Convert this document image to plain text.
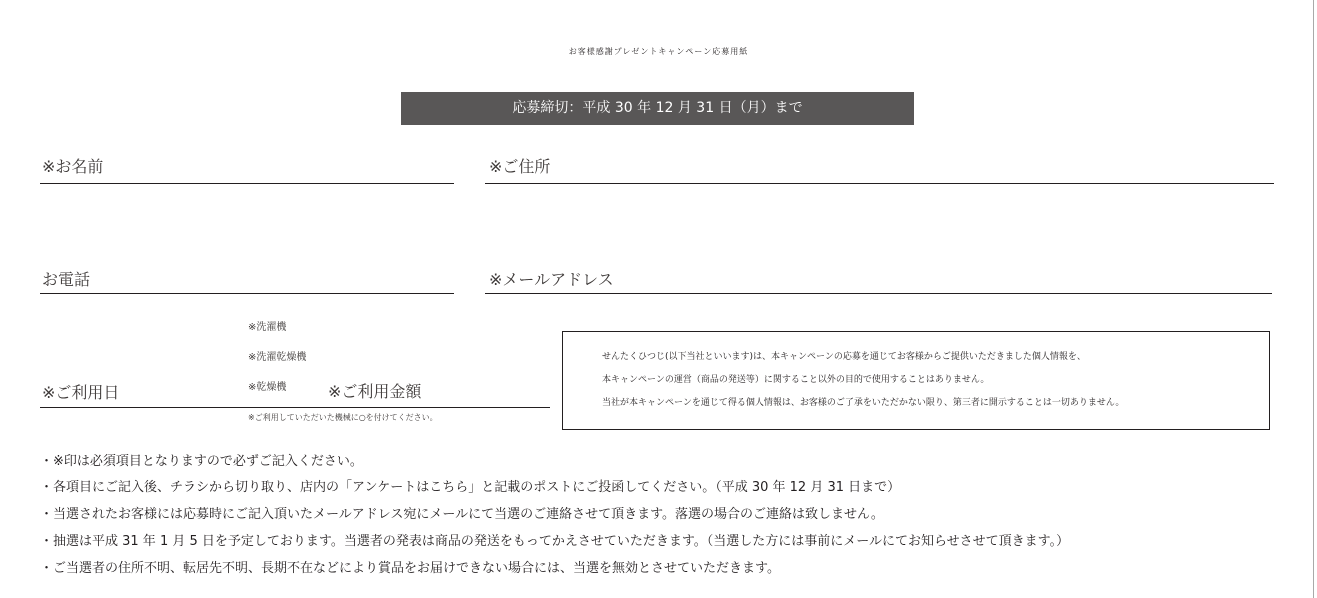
お客様感謝プレゼントキャンペーン応募用紙
応募締切：平成 30 年 12 月 31 日（月）まで
※お名前	※ご住所
お電話	※メールアドレス
※洗濯機
※洗濯乾燥機
※乾燥機
※ご利用日	※ご利用金額
※ご利用していただいた機械に○を付けてください。
せんたくひつじ(以下当社といいます)は、本キャンペーンの応募を通じてお客様からご提供いただきました個人情報を、
本キャンペーンの運営（商品の発送等）に関すること以外の目的で使用することはありません。
当社が本キャンペーンを通じて得る個人情報は、お客様のご了承をいただかない限り、第三者に開示することは一切ありません。
・※印は必須項目となりますので必ずご記入ください。
・各項目にご記入後、チラシから切り取り、店内の「アンケートはこちら」と記載のポストにご投函してください。（平成 30 年 12 月 31 日まで）
・当選されたお客様には応募時にご記入頂いたメールアドレス宛にメールにて当選のご連絡させて頂きます。落選の場合のご連絡は致しません。
・抽選は平成 31 年 1 月 5 日を予定しております。当選者の発表は商品の発送をもってかえさせていただきます。（当選した方には事前にメールにてお知らせさせて頂きます。）
・ご当選者の住所不明、転居先不明、長期不在などにより賞品をお届けできない場合には、当選を無効とさせていただきます。
